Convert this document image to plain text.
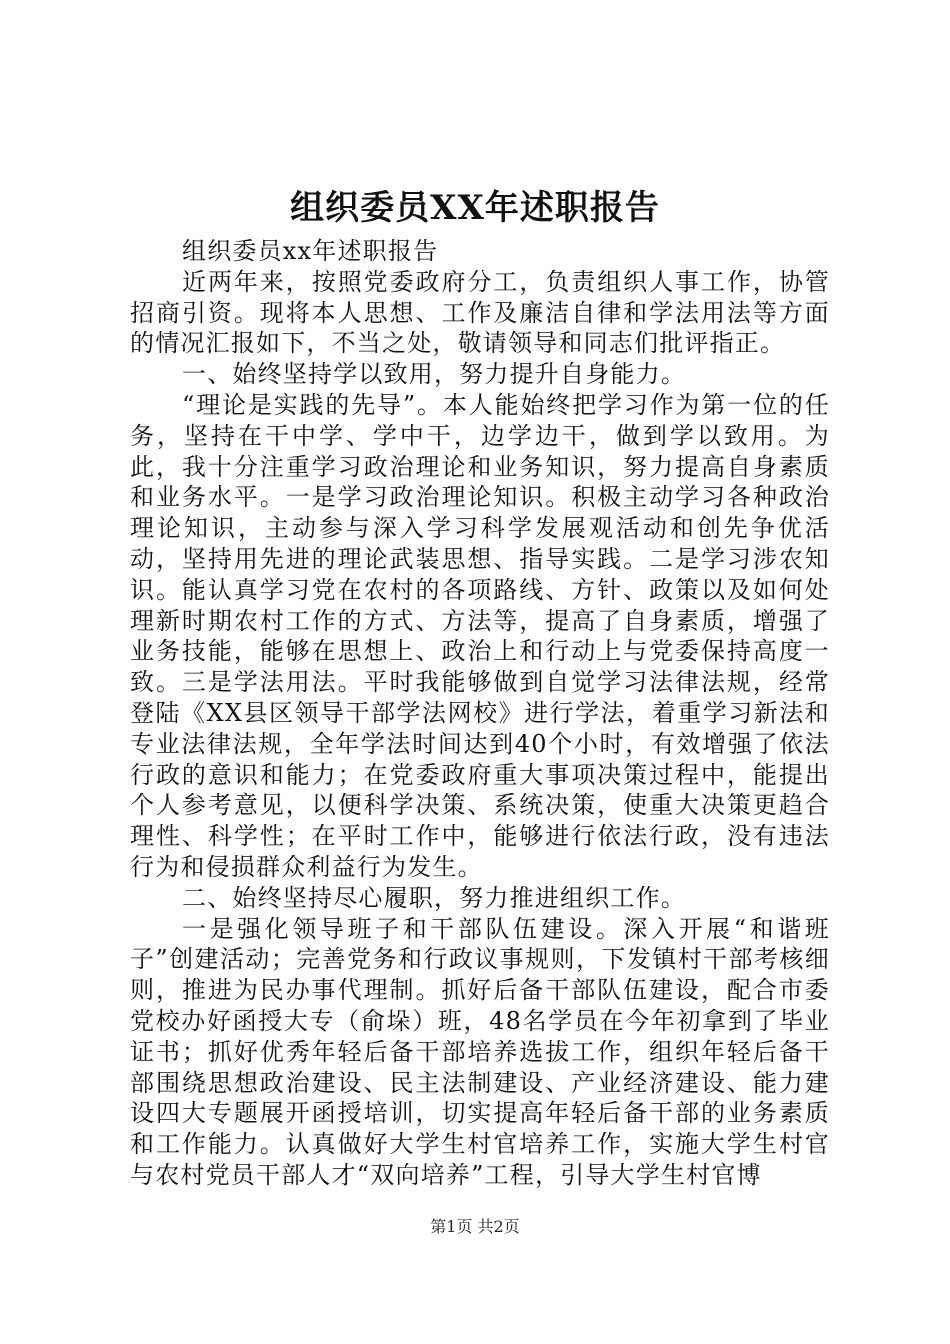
组织委员XX年述职报告

组织委员xx年述职报告

近两年来，按照党委政府分工，负责组织人事工作，协管招商引资。现将本人思想、工作及廉洁自律和学法用法等方面的情况汇报如下，不当之处，敬请领导和同志们批评指正。

一、始终坚持学以致用，努力提升自身能力。

“理论是实践的先导”。本人能始终把学习作为第一位的任务，坚持在干中学、学中干，边学边干，做到学以致用。为此，我十分注重学习政治理论和业务知识，努力提高自身素质和业务水平。一是学习政治理论知识。积极主动学习各种政治理论知识，主动参与深入学习科学发展观活动和创先争优活动，坚持用先进的理论武装思想、指导实践。二是学习涉农知识。能认真学习党在农村的各项路线、方针、政策以及如何处理新时期农村工作的方式、方法等，提高了自身素质，增强了业务技能，能够在思想上、政治上和行动上与党委保持高度一致。三是学法用法。平时我能够做到自觉学习法律法规，经常登陆《XX县区领导干部学法网校》进行学法，着重学习新法和专业法律法规，全年学法时间达到40个小时，有效增强了依法行政的意识和能力；在党委政府重大事项决策过程中，能提出个人参考意见，以便科学决策、系统决策，使重大决策更趋合理性、科学性；在平时工作中，能够进行依法行政，没有违法行为和侵损群众利益行为发生。

二、始终坚持尽心履职，努力推进组织工作。

一是强化领导班子和干部队伍建设。深入开展“和谐班子”创建活动；完善党务和行政议事规则，下发镇村干部考核细则，推进为民办事代理制。抓好后备干部队伍建设，配合市委党校办好函授大专（俞垛）班，48名学员在今年初拿到了毕业证书；抓好优秀年轻后备干部培养选拔工作，组织年轻后备干部围绕思想政治建设、民主法制建设、产业经济建设、能力建设四大专题展开函授培训，切实提高年轻后备干部的业务素质和工作能力。认真做好大学生村官培养工作，实施大学生村官与农村党员干部人才“双向培养”工程，引导大学生村官博

第1页 共2页
